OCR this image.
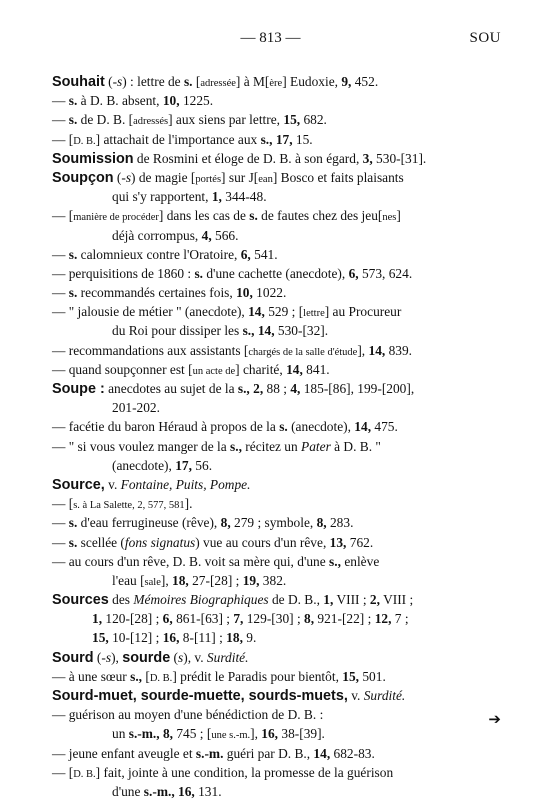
— 813 —	SOU
Souhait (-s) : lettre de s. [adressée] à M[ère] Eudoxie, 9, 452.
— s. à D. B. absent, 10, 1225.
— s. de D. B. [adressés] aux siens par lettre, 15, 682.
— [D. B.] attachait de l'importance aux s., 17, 15.
Soumission de Rosmini et éloge de D. B. à son égard, 3, 530-[31].
Soupçon (-s) de magie [portés] sur J[ean] Bosco et faits plaisants
qui s'y rapportent, 1, 344-48.
— [manière de procéder] dans les cas de s. de fautes chez des jeu[nes]
déjà corrompus, 4, 566.
— s. calomnieux contre l'Oratoire, 6, 541.
— perquisitions de 1860 : s. d'une cachette (anecdote), 6, 573, 624.
— s. recommandés certaines fois, 10, 1022.
— " jalousie de métier " (anecdote), 14, 529 ; [lettre] au Procureur
du Roi pour dissiper les s., 14, 530-[32].
— recommandations aux assistants [chargés de la salle d'étude], 14, 839.
— quand soupçonner est [un acte de] charité, 14, 841.
Soupe : anecdotes au sujet de la s., 2, 88 ; 4, 185-[86], 199-[200],
201-202.
— facétie du baron Héraud à propos de la s. (anecdote), 14, 475.
— " si vous voulez manger de la s., récitez un Pater à D. B. "
(anecdote), 17, 56.
Source, v. Fontaine, Puits, Pompe.
— [s. à La Salette, 2, 577, 581].
— s. d'eau ferrugineuse (rêve), 8, 279 ; symbole, 8, 283.
— s. scellée (fons signatus) vue au cours d'un rêve, 13, 762.
— au cours d'un rêve, D. B. voit sa mère qui, d'une s., enlève
l'eau [sale], 18, 27-[28] ; 19, 382.
Sources des Mémoires Biographiques de D. B., 1, VIII ; 2, VIII ;
1, 120-[28] ; 6, 861-[63] ; 7, 129-[30] ; 8, 921-[22] ; 12, 7 ;
15, 10-[12] ; 16, 8-[11] ; 18, 9.
Sourd (-s), sourde (s), v. Surdité.
— à une sœur s., [D. B.] prédit le Paradis pour bientôt, 15, 501.
Sourd-muet, sourde-muette, sourds-muets, v. Surdité.
— guérison au moyen d'une bénédiction de D. B. :
un s.-m., 8, 745 ; [une s.-m.], 16, 38-[39].
— jeune enfant aveugle et s.-m. guéri par D. B., 14, 682-83.
— [D. B.] fait, jointe à une condition, la promesse de la guérison
d'une s.-m., 16, 131.
➔
